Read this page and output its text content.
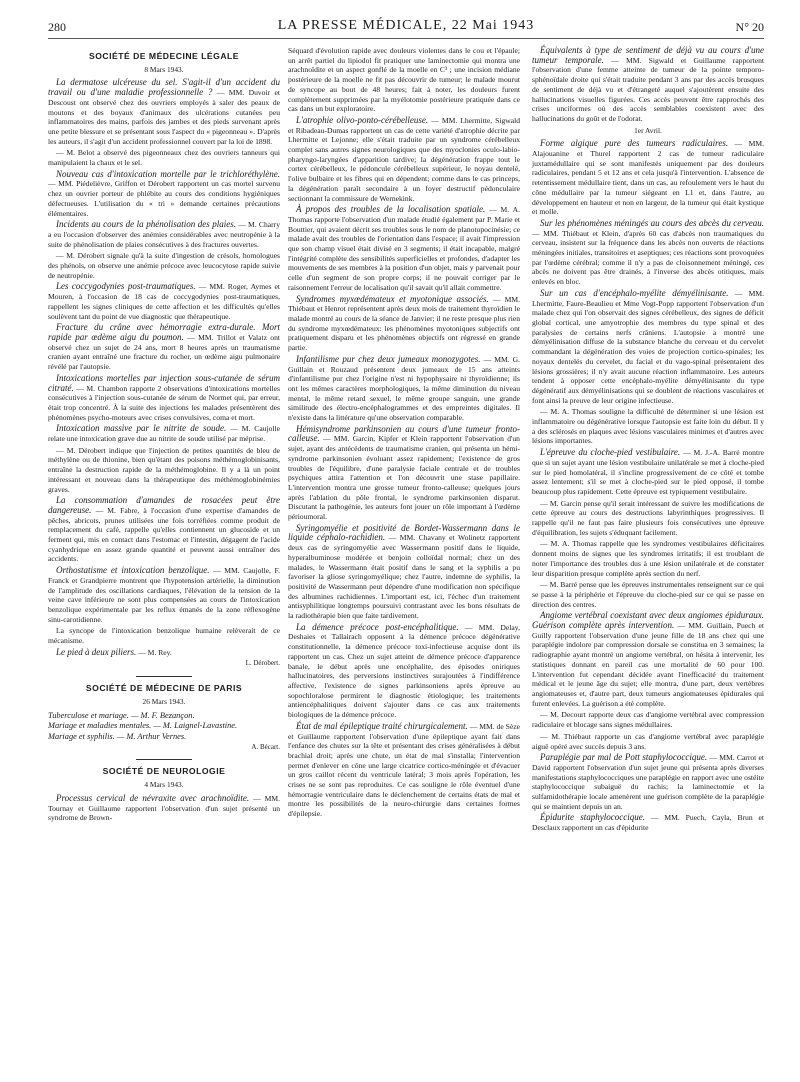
280	LA PRESSE MÉDICALE, 22 Mai 1943	N° 20
SOCIÉTÉ DE MÉDECINE LÉGALE
8 Mars 1943.

La dermatose ulcéreuse du sel. S'agit-il d'un accident du travail ou d'une maladie professionnelle ? — MM. Duvoir et Descoust ont observé chez des ouvriers employés à saler des peaux de moutons et des boyaux d'animaux des ulcérations cutanées peu inflammatoires des mains, parfois des jambes et des pieds survenant après une petite blessure et se présentant sous l'aspect du « pigeonneau ». D'après les auteurs, il s'agit d'un accident professionnel couvert par la loi de 1898.

— M. Belot a observé des pigeonneaux chez des ouvriers tanneurs qui manipulaient la chaux et le sel.

Nouveau cas d'intoxication mortelle par le trichloréthylène. — MM. Piédelièvre, Griffon et Dérobert rapportent un cas mortel survenu chez un ouvrier porteur de phlébite au cours des conditions hygiéniques défectueuses. L'utilisation du « tri » demande certaines précautions élémentaires.

Incidents au cours de la phénolisation des plaies. — M. Charry a eu l'occasion d'observer des anémies considérables avec neutropénie à la suite de phénolisation de plaies consécutives à des fractures ouvertes.

— M. Dérobert signale qu'à la suite d'ingestion de crésols, homologues des phénols, on observe une anémie précoce avec leucocytose rapide suivie de neutropénie.

Les coccygodynies post-traumatiques. — MM. Roger, Aymes et Mouren, à l'occasion de 18 cas de coccygodynies post-traumatiques, rappellent les signes cliniques de cette affection et les difficultés qu'elles soulèvent tant du point de vue diagnostic que thérapeutique.

Fracture du crâne avec hémorragie extra-durale. Mort rapide par œdème aigu du poumon. — MM. Trillot et Valatz ont observé chez un sujet de 24 ans, mort 8 heures après un traumatisme cranien ayant entraîné une fracture du rocher, un œdème aigu pulmonaire révélé par l'autopsie.

Intoxications mortelles par injection sous-cutanée de sérum citraté. — M. Chambon rapporte 2 observations d'intoxications mortelles consécutives à l'injection sous-cutanée de sérum de Normet qui, par erreur, était trop concentré. À la suite des injections les malades présentèrent des phénomènes psycho-moteurs avec crises convulsives, coma et mort.

Intoxication massive par le nitrite de soude. — M. Caujolle relate une intoxication grave due au nitrite de soude utilisé par méprise.

— M. Dérobert indique que l'injection de petites quantités de bleu de méthylène ou de thionine, bien qu'étant des poisons méthémoglobinisants, entraîne la destruction rapide de la méthémoglobine. Il y a là un point intéressant et nouveau dans la thérapeutique des méthémoglobinémies graves.

La consommation d'amandes de rosacées peut être dangereuse. — M. Fabre, à l'occasion d'une expertise d'amandes de pêches, abricots, prunes utilisées une fois torréfiées comme produit de remplacement du café, rappelle qu'elles contiennent un glucoside et un ferment qui, mis en contact dans l'estomac et l'intestin, dégagent de l'acide cyanhydrique en assez grande quantité et peuvent aussi entraîner des accidents.

Orthostatisme et intoxication benzolique. — MM. Caujolle, F. Franck et Grandpierre montrent que l'hypotension artérielle, la diminution de l'amplitude des oscillations cardiaques, l'élévation de la tension de la veine cave inférieure ne sont plus compensées au cours de l'intoxication benzolique expérimentale par les reflux émanés de la zone réflexogène sinu-carotidienne.

La syncope de l'intoxication benzolique humaine relèverait de ce mécanisme.

Le pied à deux piliers. — M. Rey.

L. Dérobert.
SOCIÉTÉ DE MÉDECINE DE PARIS
26 Mars 1943.
Tuberculose et mariage. — M. F. Bezançon.
Mariage et maladies mentales. — M. Laignel-Lavastine.
Mariage et syphilis. — M. Arthur Vernes.
A. Bécart.
SOCIÉTÉ DE NEUROLOGIE
4 Mars 1943.

Processus cervical de névraxite avec arachnoïdite. — MM. Tournay et Guillaume rapportent l'observation d'un sujet présenté un syndrome de Brown-

Séquard d'évolution rapide avec douleurs violentes dans le cou et l'épaule; un arrêt partiel du lipiodol fit pratiquer une laminectomie qui montra une arachnoïdite et un aspect gonflé de la moelle en C³ ; une incision médiane postérieure de la moelle ne fit pas découvrir de tumeur; le malade mourut de syncope au bout de 48 heures; fait à noter, les douleurs furent complètement supprimées par la myélotomie postérieure pratiquée dans ce cas dans un but exploratoire.

L'atrophie olivo-ponto-cérébelleuse. — MM. Lhermitte, Sigwald et Ribadeau-Dumas rapportent un cas de cette variété d'atrophie décrite par Lhermitte et Lejonne; elle s'était traduite par un syndrome cérébelleux complet sans autres signes neurologiques que des myoclonies oculo-labio-pharyngo-laryngées d'apparition tardive; la dégénération frappe tout le cortex cérébelleux, le pédoncule cérébelleux supérieur, le noyau dentelé, l'olive bulbaire et les fibres qui en dépendent; comme dans le cas princeps, la dégénération paraît secondaire à un foyer destructif pédonculaire sectionnant la commissure de Wernekink.

À propos des troubles de la localisation spatiale. — M. A. Thomas rapporte l'observation d'un malade étudié également par P. Marie et Bouttier, qui avaient décrit ses troubles sous le nom de planotopocinésie; ce malade avait des troubles de l'orientation dans l'espace; il avait l'impression que son champ visuel était divisé en 3 segments; il était incapable, malgré l'intégrité complète des sensibilités superficielles et profondes, d'adapter les mouvements de ses membres à la position d'un objet, mais y parvenait pour celle d'un segment de son propre corps; il ne pouvait corriger par le raisonnement l'erreur de localisation qu'il savait qu'il allait commettre.

Syndromes myxœdémateux et myotonique associés. — MM. Thiébaut et Henrot représentent après deux mois de traitement thyroïdien le malade montré au cours de la séance de Janvier; il ne reste presque plus rien du syndrome myxœdémateux: les phénomènes myotoniques subjectifs ont pratiquement disparu et les phénomènes objectifs ont régressé en grande partie.

Infantilisme pur chez deux jumeaux monozygotes. — MM. G. Guillain et Rouzaud présentent deux jumeaux de 15 ans atteints d'infantilisme pur chez l'origine n'est ni hypophysaire ni thyroïdienne; ils ont les mêmes caractères morphologiques, la même diminution du niveau mental, le même retard sexuel, le même groupe sanguin, une grande similitude des électro-encéphalogrammes et des empreintes digitales. Il n'existe dans la littérature qu'une observation comparable.

Hémisyndrome parkinsonien au cours d'une tumeur fronto-calleuse. — MM. Garcin, Kipfer et Klein rapportent l'observation d'un sujet, ayant des antécédents de traumatisme cranien, qui présenta un hémi-syndrome parkinsonien évoluant assez rapidement; l'existence de gros troubles de l'équilibre, d'une paralysie faciale centrale et de troubles psychiques attira l'attention et l'on découvrit une stase papillaire. L'intervention montra une grosse tumeur fronto-calleuse; quelques jours après l'ablation du pôle frontal, le syndrome parkinsonien disparut. Discutant la pathogénie, les auteurs font jouer un rôle important à l'œdème périoumoral.

Syringomyélie et positivité de Bordet-Wassermann dans le liquide céphalo-rachidien. — MM. Chavany et Wolinetz rapportent deux cas de syringomyélie avec Wassermann positif dans le liquide, hyperalbuminose modérée et benjoin colloïdal normal; chez un des malades, le Wassermann était positif dans le sang et la syphilis a pu favoriser la gliose syringomyélique; chez l'autre, indemne de syphilis, la positivité de Wassermann peut dépendre d'une modification non spécifique des albumines rachidiennes. L'important est, ici, l'échec d'un traitement antisyphilitique longtemps poursuivi contrastant avec les bons résultats de la radiothérapie bien que faite tardivement.

La démence précoce post-encéphalitique. — MM. Delay, Deshaies et Tallairach opposent à la démence précoce dégénérative constitutionnelle, la démence précoce toxi-infectieuse acquise dont ils rapportent un cas. Chez un sujet atteint de démence précoce d'apparence banale, le début après une encéphalite, des épisodes oniriques hallucinatoires, des perversions instinctives surajoutées à l'indifférence affective, l'existence de signes parkinsoniens après épreuve au sopochloralose permirent le diagnostic étiologique; les traitements antiencéphalitiques doivent s'ajouter dans ce cas aux traitements biologiques de la démence précoce.

État de mal épileptique traité chirurgicalement. — MM. de Sèze et Guillaume rapportent l'observation d'une épileptique ayant fait dans l'enfance des chutes sur la tête et présentant des crises généralisées à début brachial droit; après une chute, un état de mal s'installa; l'intervention permet d'enlever en cône une large cicatrice cortico-méningée et d'évacuer un gros caillot récent du ventricule latéral; 3 mois après l'opération, les crises ne se sont pas reproduites. Ce cas souligne le rôle éventuel d'une hémorragie ventriculaire dans le déclenchement de certains états de mal et montre les possibilités de la neuro-chirurgie dans certaines formes d'épilepsie.

Équivalents à type de sentiment de déjà vu au cours d'une tumeur temporale. — MM. Sigwald et Guillaume rapportent l'observation d'une femme atteinte de tumeur de la pointe temporo-sphénoïdale droite qui s'était traduite pendant 3 ans par des accès brusques de sentiment de déjà vu et d'étrangeté auquel s'ajoutèrent ensuite des hallucinations visuelles figurées. Ces accès peuvent être rapprochés des crises unciformes où des accès semblables coexistent avec des hallucinations du goût et de l'odorat.

1er Avril.

Forme algique pure des tumeurs radiculaires. — MM. Alajouanine et Thurel rapportent 2 cas de tumeur radiculaire juxtamédullaire qui se sont manifestés uniquement par des douleurs radiculaires, pendant 5 et 12 ans et cela jusqu'à l'intervention. L'absence de retentissement médullaire tient, dans un cas, au refoulement vers le haut du cône médullaire par la tumeur siégeant en L1 et, dans l'autre, au développement en hauteur et non en largeur, de la tumeur qui était kystique et molle.

Sur les phénomènes méningés au cours des abcès du cerveau. — MM. Thiébaut et Klein, d'après 60 cas d'abcès non traumatiques du cerveau, insistent sur la fréquence dans les abcès non ouverts de réactions méningées initiales, transitoires et aseptiques; ces réactions sont provoquées par l'œdème cérébral; comme il n'y a pas de cloisonnement méningé, ces abcès ne doivent pas être drainés, à l'inverse des abcès otitiques, mais enlevés en bloc.

Sur un cas d'encéphalo-myélite démyélinisante. — MM. Lhermitte, Faure-Beaulieu et Mme Vogt-Popp rapportent l'observation d'un malade chez qui l'on observait des signes cérébelleux, des signes de déficit global cortical, une amyotrophie des membres du type spinal et des paralysies de certains nerfs crâniens. L'autopsie a montré une démyélinisation diffuse de la substance blanche du cerveau et du cervelet commandant la dégénération des voies de projection cortico-spinales; les noyaux dentelés du cervelet, du facial et du vago-spinal présentaient des lésions grossières; il n'y avait aucune réaction inflammatoire. Les auteurs tendent à opposer cette encéphalo-myélite démyélinisante du type dégénératif aux démyélinisations qui se doublent de réactions vasculaires et font ainsi la preuve de leur origine infectieuse.

— M. A. Thomas souligne la difficulté de déterminer si une lésion est inflammatoire ou dégénérative lorsque l'autopsie est faite loin du début. Il y a des sclérosés en plaques avec lésions vasculaires minimes et d'autres avec lésions importantes.

L'épreuve du cloche-pied vestibulaire. — M. J.-A. Barré montre que si un sujet ayant une lésion vestibulaire unilatérale se met à cloche-pied sur le pied homolatéral, il s'incline progressivement de ce côté et tombe assez lentement; s'il se met à cloche-pied sur le pied opposé, il tombe beaucoup plus rapidement. Cette épreuve est typiquement vestibulaire.

— M. Garcin pense qu'il serait intéressant de suivre les modifications de cette épreuve au cours des destructions labyrinthiques progressives. Il rappelle qu'il ne faut pas faire plusieurs fois consécutives une épreuve d'équilibration, les sujets s'éduquant facilement.

— M. A. Thomas rappelle que les syndromes vestibulaires déficitaires donnent moins de signes que les syndromes irritatifs; il est troublant de noter l'importance des troubles dus à une lésion unilatérale et de constater leur disparition presque complète après section du nerf.

— M. Barré pense que les épreuves instrumentales renseignent sur ce qui se passe à la périphérie et l'épreuve du cloche-pied sur ce qui se passe en direction des centres.

Angiome vertébral coexistant avec deux angiomes épiduraux. Guérison complète après intervention. — MM. Guillain, Puech et Guilly rapportent l'observation d'une jeune fille de 18 ans chez qui une paraplégie indolore par compression dorsale se constitua en 3 semaines; la radiographie ayant montré un angiome vertébral, on hésita à intervenir, les statistiques donnant en pareil cas une mortalité de 60 pour 100. L'intervention fut cependant décidée avant l'inefficacité du traitement médical et le jeune âge du sujet; elle montra, d'une part, deux vertèbres angiomateuses et, d'autre part, deux tumeurs angiomateuses épidurales qui furent enlevées. La guérison a été complète.

— M. Decourt rapporte deux cas d'angiome vertébral avec compression radiculaire et blocage sans signes médullaires.

— M. Thiébaut rapporte un cas d'angiome vertébral avec paraplégie aiguë opéré avec succès depuis 3 ans.

Paraplégie par mal de Pott staphylococcique. — MM. Carrot et David rapportent l'observation d'un sujet jeune qui présenta après diverses manifestations staphylococciques une paraplégie en rapport avec une ostéite staphylococcique subaiguë du rachis; la laminectomie et la sulfamidothérapie locale amenèrent une guérison complète de la paraplégie qui se maintient depuis un an.

Épidurite staphylococcique. — MM. Puech, Cayla, Brun et Desclaux rapportent un cas d'épidurite
